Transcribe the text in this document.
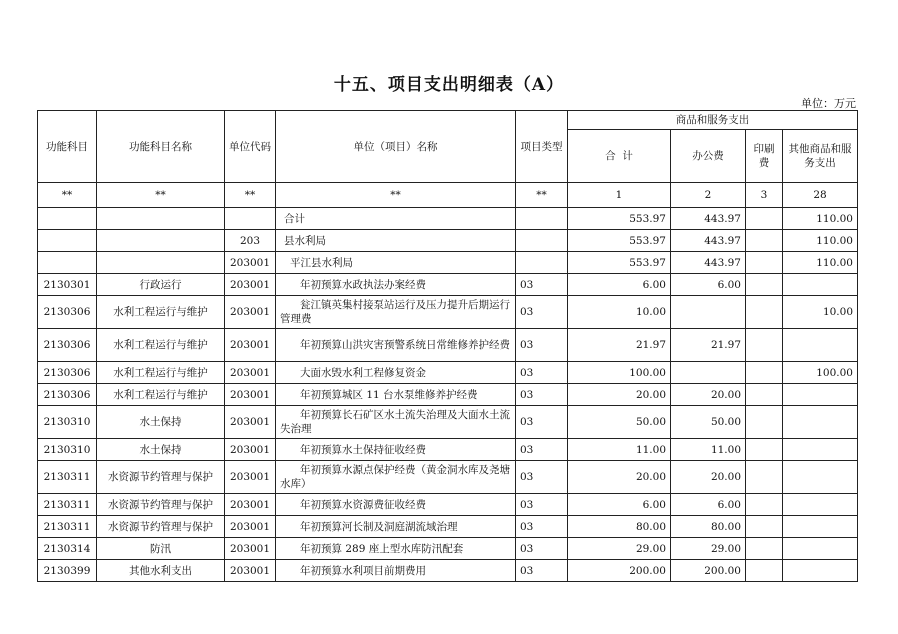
十五、项目支出明细表（A）
单位：万元
功能科目	功能科目名称	单位代码	单位（项目）名称	项目类型	商品和服务支出			
					合  计	办公费	印刷费	其他商品和服务支出
**	**	**	**	**	1	2	3	28
			合计		553.97	443.97		110.00
		203	县水利局		553.97	443.97		110.00
		203001	平江县水利局		553.97	443.97		110.00
2130301	行政运行	203001	年初预算水政执法办案经费	03	6.00	6.00		
2130306	水利工程运行与维护	203001	瓮江镇英集村接泵站运行及压力提升后期运行管理费	03	10.00			10.00
2130306	水利工程运行与维护	203001	年初预算山洪灾害预警系统日常维修养护经费	03	21.97	21.97		
2130306	水利工程运行与维护	203001	大面水毁水利工程修复资金	03	100.00			100.00
2130306	水利工程运行与维护	203001	年初预算城区 11 台水泵维修养护经费	03	20.00	20.00		
2130310	水土保持	203001	年初预算长石矿区水土流失治理及大面水土流失治理	03	50.00	50.00		
2130310	水土保持	203001	年初预算水土保持征收经费	03	11.00	11.00		
2130311	水资源节约管理与保护	203001	年初预算水源点保护经费（黄金洞水库及尧塘水库）	03	20.00	20.00		
2130311	水资源节约管理与保护	203001	年初预算水资源费征收经费	03	6.00	6.00		
2130311	水资源节约管理与保护	203001	年初预算河长制及洞庭湖流域治理	03	80.00	80.00		
2130314	防汛	203001	年初预算 289 座上型水库防汛配套	03	29.00	29.00		
2130399	其他水利支出	203001	年初预算水利项目前期费用	03	200.00	200.00		
